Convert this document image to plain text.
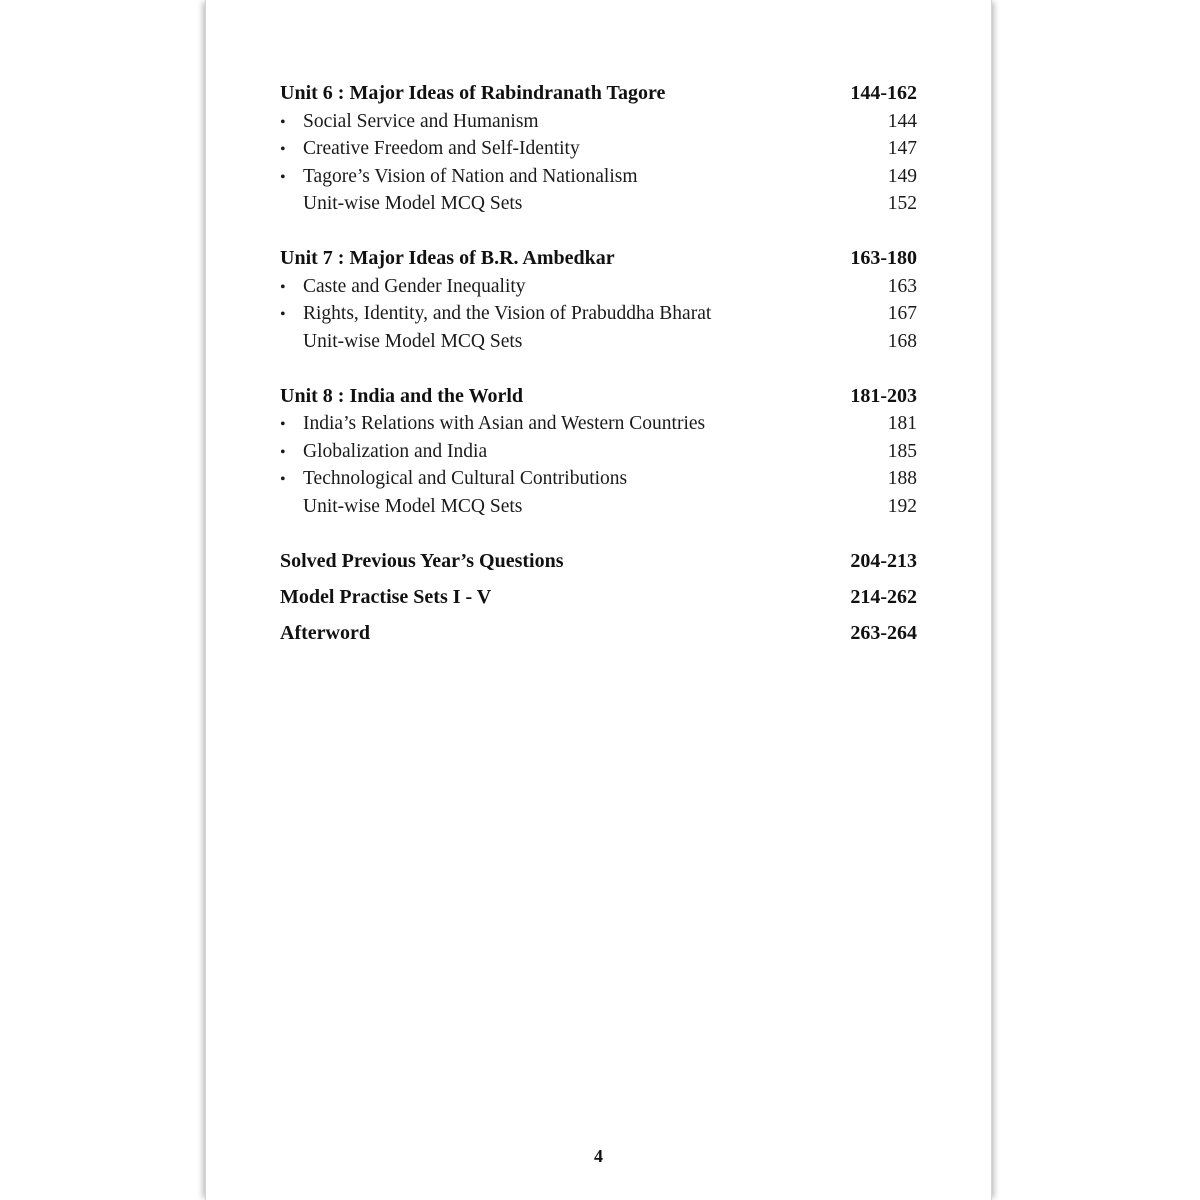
Unit 6 : Major Ideas of Rabindranath Tagore	144-162
• Social Service and Humanism	144
• Creative Freedom and Self-Identity	147
• Tagore’s Vision of Nation and Nationalism	149
Unit-wise Model MCQ Sets	152
Unit 7 : Major Ideas of B.R. Ambedkar	163-180
• Caste and Gender Inequality	163
• Rights, Identity, and the Vision of Prabuddha Bharat	167
Unit-wise Model MCQ Sets	168
Unit 8 : India and the World	181-203
• India’s Relations with Asian and Western Countries	181
• Globalization and India	185
• Technological and Cultural Contributions	188
Unit-wise Model MCQ Sets	192
Solved Previous Year’s Questions	204-213
Model Practise Sets I - V	214-262
Afterword	263-264
4
